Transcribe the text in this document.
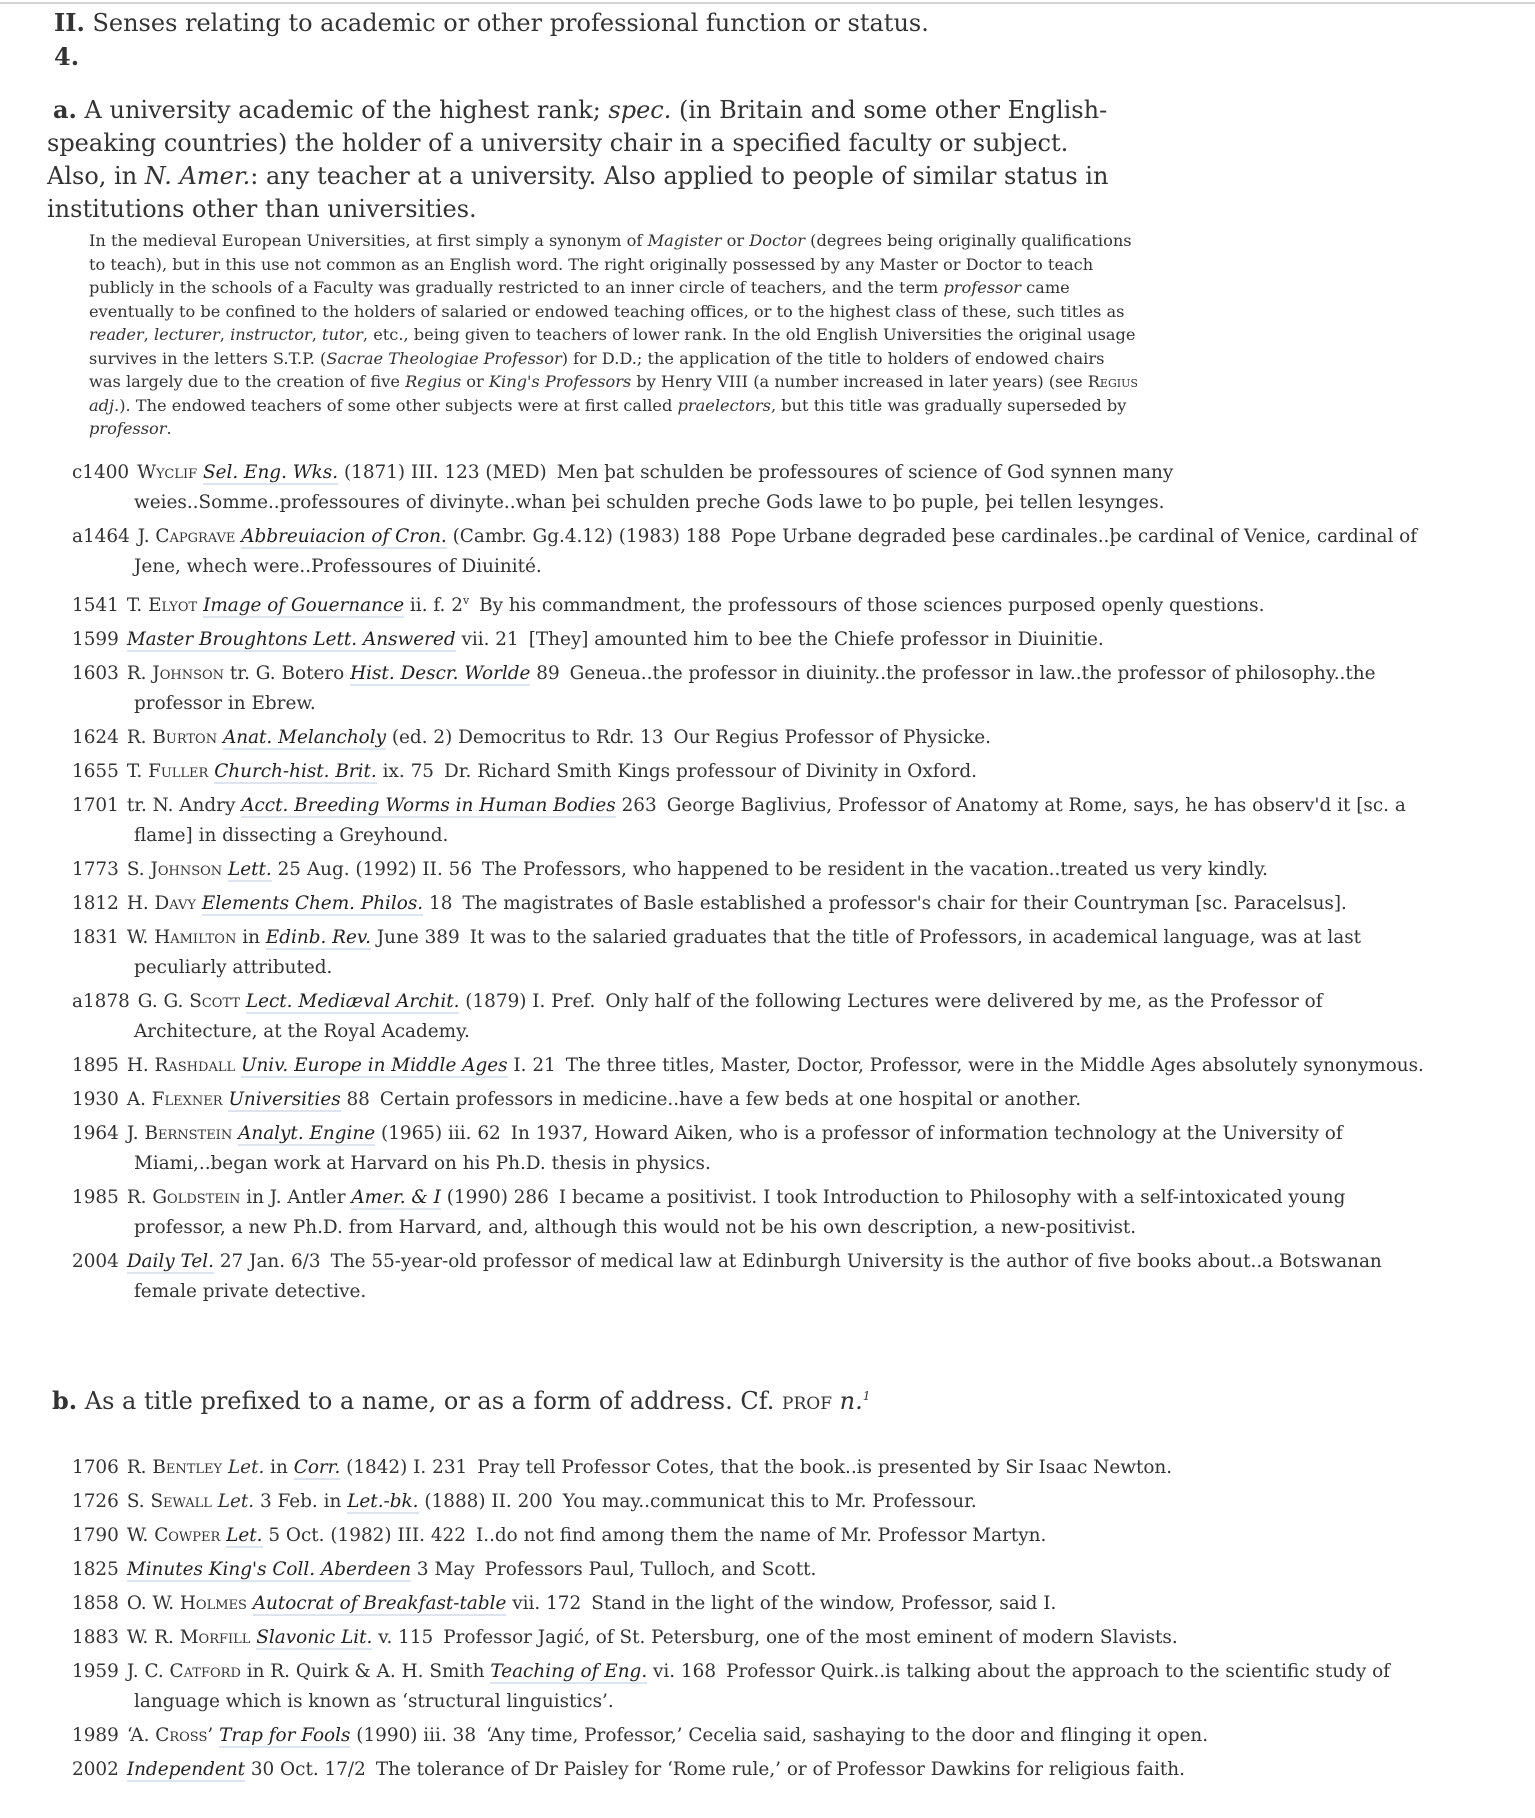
II. Senses relating to academic or other professional function or status.
4.
a. A university academic of the highest rank; spec. (in Britain and some other English-speaking countries) the holder of a university chair in a specified faculty or subject. Also, in N. Amer.: any teacher at a university. Also applied to people of similar status in institutions other than universities.
In the medieval European Universities, at first simply a synonym of Magister or Doctor (degrees being originally qualifications to teach), but in this use not common as an English word. The right originally possessed by any Master or Doctor to teach publicly in the schools of a Faculty was gradually restricted to an inner circle of teachers, and the term professor came eventually to be confined to the holders of salaried or endowed teaching offices, or to the highest class of these, such titles as reader, lecturer, instructor, tutor, etc., being given to teachers of lower rank. In the old English Universities the original usage survives in the letters S.T.P. (Sacrae Theologiae Professor) for D.D.; the application of the title to holders of endowed chairs was largely due to the creation of five Regius or King's Professors by Henry VIII (a number increased in later years) (see Regius adj.). The endowed teachers of some other subjects were at first called praelectors, but this title was gradually superseded by professor.
c1400 Wyclif Sel. Eng. Wks. (1871) III. 123 (MED) Men þat schulden be professoures of science of God synnen many weies..Somme..professoures of divinyte..whan þei schulden preche Gods lawe to þo puple, þei tellen lesynges.
a1464 J. Capgrave Abbreuiacion of Cron. (Cambr. Gg.4.12) (1983) 188 Pope Urbane degraded þese cardinales..þe cardinal of Venice, cardinal of Jene, whech were..Professoures of Diuinité.
1541 T. Elyot Image of Gouernance ii. f. 2$^v$ By his commandment, the professours of those sciences purposed openly questions.
1599 Master Broughtons Lett. Answered vii. 21 [They] amounted him to bee the Chiefe professor in Diuinitie.
1603 R. Johnson tr. G. Botero Hist. Descr. Worlde 89 Geneua..the professor in diuinity..the professor in law..the professor of philosophy..the professor in Ebrew.
1624 R. Burton Anat. Melancholy (ed. 2) Democritus to Rdr. 13 Our Regius Professor of Physicke.
1655 T. Fuller Church-hist. Brit. ix. 75 Dr. Richard Smith Kings professour of Divinity in Oxford.
1701 tr. N. Andry Acct. Breeding Worms in Human Bodies 263 George Baglivius, Professor of Anatomy at Rome, says, he has observ'd it [sc. a flame] in dissecting a Greyhound.
1773 S. Johnson Lett. 25 Aug. (1992) II. 56 The Professors, who happened to be resident in the vacation..treated us very kindly.
1812 H. Davy Elements Chem. Philos. 18 The magistrates of Basle established a professor's chair for their Countryman [sc. Paracelsus].
1831 W. Hamilton in Edinb. Rev. June 389 It was to the salaried graduates that the title of Professors, in academical language, was at last peculiarly attributed.
a1878 G. G. Scott Lect. Mediæval Archit. (1879) I. Pref. Only half of the following Lectures were delivered by me, as the Professor of Architecture, at the Royal Academy.
1895 H. Rashdall Univ. Europe in Middle Ages I. 21 The three titles, Master, Doctor, Professor, were in the Middle Ages absolutely synonymous.
1930 A. Flexner Universities 88 Certain professors in medicine..have a few beds at one hospital or another.
1964 J. Bernstein Analyt. Engine (1965) iii. 62 In 1937, Howard Aiken, who is a professor of information technology at the University of Miami,..began work at Harvard on his Ph.D. thesis in physics.
1985 R. Goldstein in J. Antler Amer. & I (1990) 286 I became a positivist. I took Introduction to Philosophy with a self-intoxicated young professor, a new Ph.D. from Harvard, and, although this would not be his own description, a new-positivist.
2004 Daily Tel. 27 Jan. 6/3 The 55-year-old professor of medical law at Edinburgh University is the author of five books about..a Botswanan female private detective.
b. As a title prefixed to a name, or as a form of address. Cf. prof n.$^1$
1706 R. Bentley Let. in Corr. (1842) I. 231 Pray tell Professor Cotes, that the book..is presented by Sir Isaac Newton.
1726 S. Sewall Let. 3 Feb. in Let.-bk. (1888) II. 200 You may..communicat this to Mr. Professour.
1790 W. Cowper Let. 5 Oct. (1982) III. 422 I..do not find among them the name of Mr. Professor Martyn.
1825 Minutes King's Coll. Aberdeen 3 May Professors Paul, Tulloch, and Scott.
1858 O. W. Holmes Autocrat of Breakfast-table vii. 172 Stand in the light of the window, Professor, said I.
1883 W. R. Morfill Slavonic Lit. v. 115 Professor Jagić, of St. Petersburg, one of the most eminent of modern Slavists.
1959 J. C. Catford in R. Quirk & A. H. Smith Teaching of Eng. vi. 168 Professor Quirk..is talking about the approach to the scientific study of language which is known as ‘structural linguistics’.
1989 ‘A. Cross’ Trap for Fools (1990) iii. 38 ‘Any time, Professor,’ Cecelia said, sashaying to the door and flinging it open.
2002 Independent 30 Oct. 17/2 The tolerance of Dr Paisley for ‘Rome rule,’ or of Professor Dawkins for religious faith.
